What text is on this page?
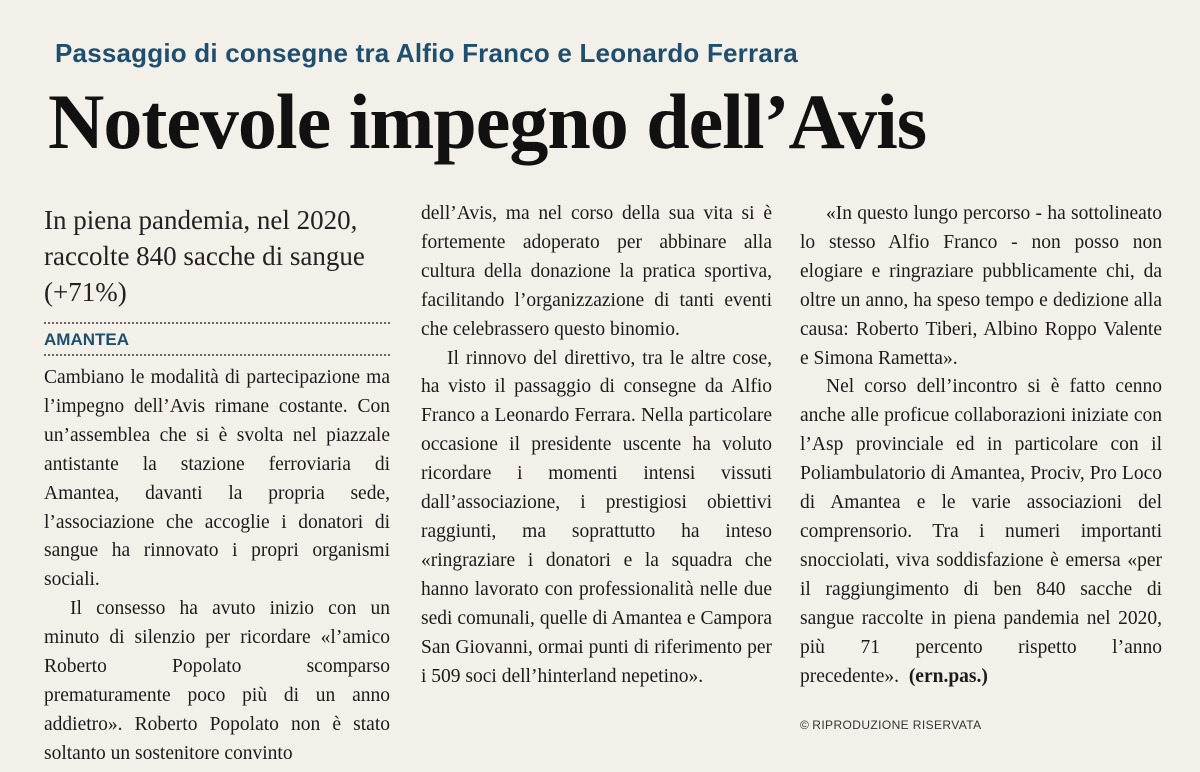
Passaggio di consegne tra Alfio Franco e Leonardo Ferrara
Notevole impegno dell’Avis
In piena pandemia, nel 2020, raccolte 840 sacche di sangue (+71%)
AMANTEA

Cambiano le modalità di partecipazione ma l’impegno dell’Avis rimane costante. Con un’assemblea che si è svolta nel piazzale antistante la stazione ferroviaria di Amantea, davanti la propria sede, l’associazione che accoglie i donatori di sangue ha rinnovato i propri organismi sociali.

Il consesso ha avuto inizio con un minuto di silenzio per ricordare «l’amico Roberto Popolato scomparso prematuramente poco più di un anno addietro». Roberto Popolato non è stato soltanto un sostenitore convinto

dell’Avis, ma nel corso della sua vita si è fortemente adoperato per abbinare alla cultura della donazione la pratica sportiva, facilitando l’organizzazione di tanti eventi che celebrassero questo binomio.

Il rinnovo del direttivo, tra le altre cose, ha visto il passaggio di consegne da Alfio Franco a Leonardo Ferrara. Nella particolare occasione il presidente uscente ha voluto ricordare i momenti intensi vissuti dall’associazione, i prestigiosi obiettivi raggiunti, ma soprattutto ha inteso «ringraziare i donatori e la squadra che hanno lavorato con professionalità nelle due sedi comunali, quelle di Amantea e Campora San Giovanni, ormai punti di riferimento per i 509 soci dell’hinterland nepetino».

«In questo lungo percorso - ha sottolineato lo stesso Alfio Franco - non posso non elogiare e ringraziare pubblicamente chi, da oltre un anno, ha speso tempo e dedizione alla causa: Roberto Tiberi, Albino Roppo Valente e Simona Rametta».

Nel corso dell’incontro si è fatto cenno anche alle proficue collaborazioni iniziate con l’Asp provinciale ed in particolare con il Poliambulatorio di Amantea, Prociv, Pro Loco di Amantea e le varie associazioni del comprensorio. Tra i numeri importanti snocciolati, viva soddisfazione è emersa «per il raggiungimento di ben 840 sacche di sangue raccolte in piena pandemia nel 2020, più 71 percento rispetto l’anno precedente». (ern.pas.)

© RIPRODUZIONE RISERVATA
